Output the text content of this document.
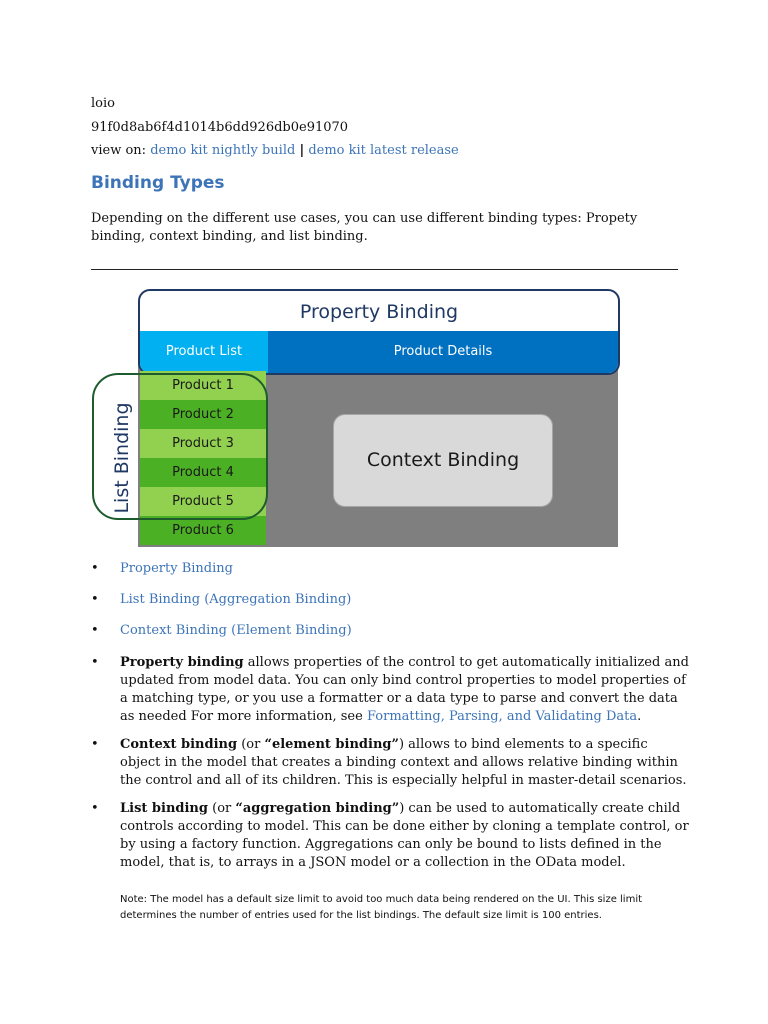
loio
91f0d8ab6f4d1014b6dd926db0e91070
view on: demo kit nightly build | demo kit latest release
Binding Types

Depending on the different use cases, you can use different binding types: Propety binding, context binding, and list binding.

Property Binding
Product List	Product Details
Product 1
Product 2
Product 3
Product 4
Product 5
Product 6
List Binding	Context Binding
• Property Binding
• List Binding (Aggregation Binding)
• Context Binding (Element Binding)
• Property binding allows properties of the control to get automatically initialized and updated from model data. You can only bind control properties to model properties of a matching type, or you use a formatter or a data type to parse and convert the data as needed For more information, see Formatting, Parsing, and Validating Data.
• Context binding (or “element binding”) allows to bind elements to a specific object in the model that creates a binding context and allows relative binding within the control and all of its children. This is especially helpful in master-detail scenarios.
• List binding (or “aggregation binding”) can be used to automatically create child controls according to model. This can be done either by cloning a template control, or by using a factory function. Aggregations can only be bound to lists defined in the model, that is, to arrays in a JSON model or a collection in the OData model.

Note: The model has a default size limit to avoid too much data being rendered on the UI. This size limit determines the number of entries used for the list bindings. The default size limit is 100 entries.
